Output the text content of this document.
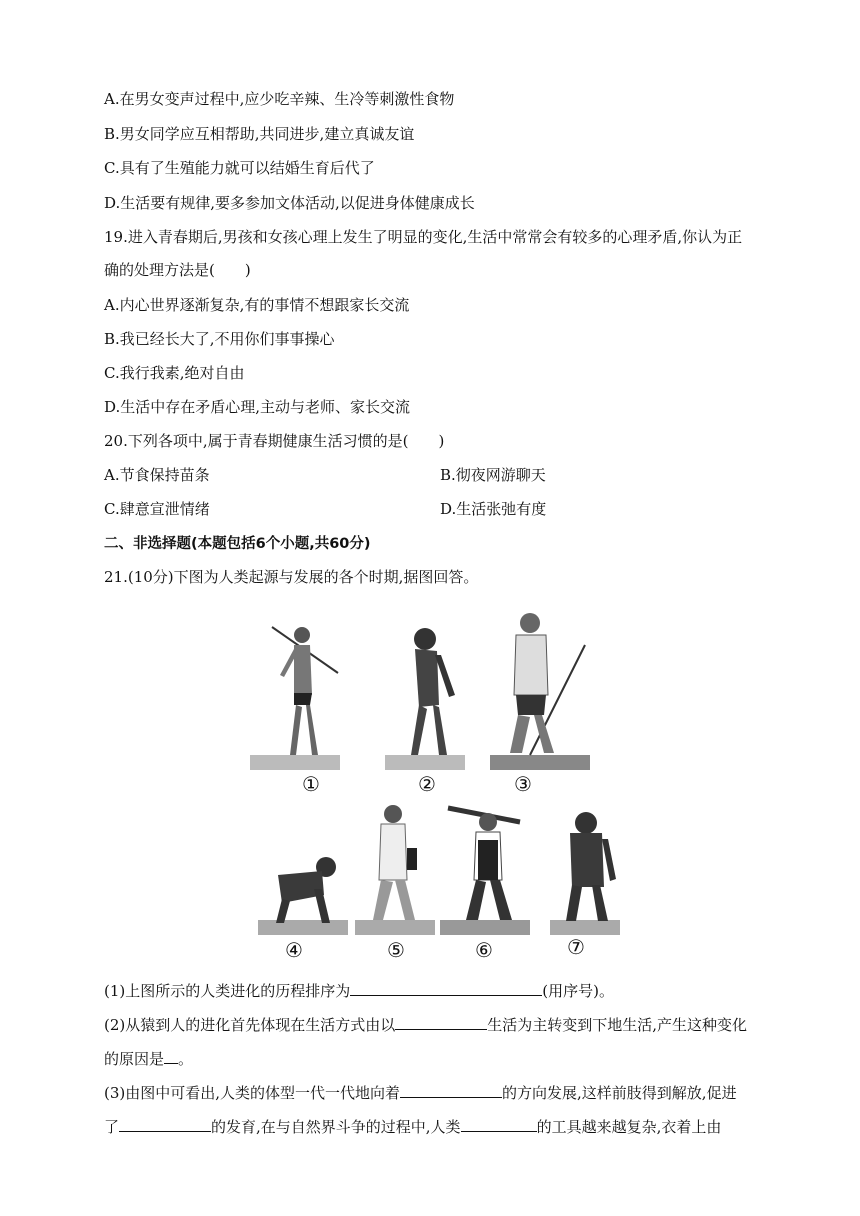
A.在男女变声过程中,应少吃辛辣、生冷等刺激性食物
B.男女同学应互相帮助,共同进步,建立真诚友谊
C.具有了生殖能力就可以结婚生育后代了
D.生活要有规律,要多参加文体活动,以促进身体健康成长
19.进入青春期后,男孩和女孩心理上发生了明显的变化,生活中常常会有较多的心理矛盾,你认为正
确的处理方法是(　　)
A.内心世界逐渐复杂,有的事情不想跟家长交流
B.我已经长大了,不用你们事事操心
C.我行我素,绝对自由
D.生活中存在矛盾心理,主动与老师、家长交流
20.下列各项中,属于青春期健康生活习惯的是(　　)
A.节食保持苗条	B.彻夜网游聊天
C.肆意宣泄情绪	D.生活张弛有度
二、非选择题(本题包括6个小题,共60分)
21.(10分)下图为人类起源与发展的各个时期,据图回答。
①	②	③
④	⑤	⑥	⑦
(1)上图所示的人类进化的历程排序为	(用序号)。
(2)从猿到人的进化首先体现在生活方式由以	生活为主转变到下地生活,产生这种变化
的原因是 。
(3)由图中可看出,人类的体型一代一代地向着	的方向发展,这样前肢得到解放,促进
了	的发育,在与自然界斗争的过程中,人类	的工具越来越复杂,衣着上由
